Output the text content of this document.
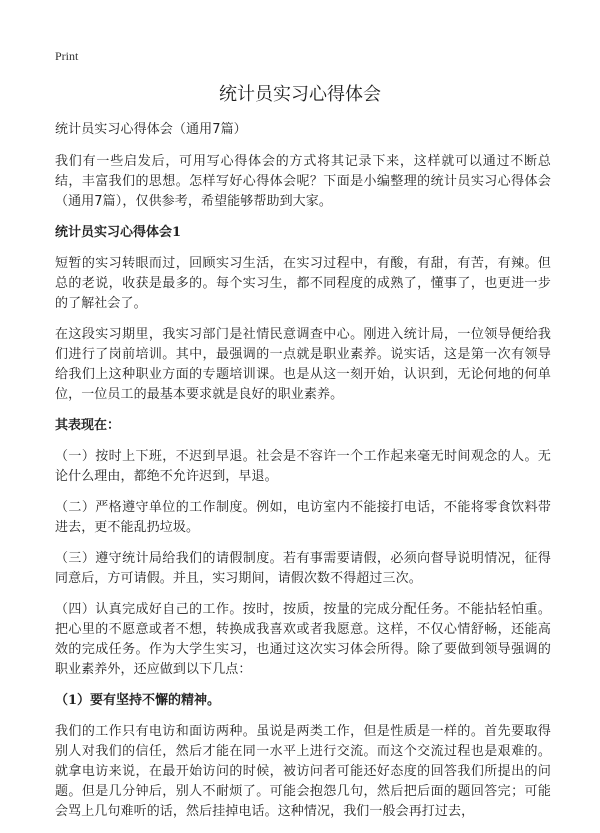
Print
统计员实习心得体会

统计员实习心得体会（通用7篇）

我们有一些启发后，可用写心得体会的方式将其记录下来，这样就可以通过不断总结，丰富我们的思想。怎样写好心得体会呢？下面是小编整理的统计员实习心得体会（通用7篇），仅供参考，希望能够帮助到大家。

统计员实习心得体会1

短暂的实习转眼而过，回顾实习生活，在实习过程中，有酸，有甜，有苦，有辣。但总的老说，收获是最多的。每个实习生，都不同程度的成熟了，懂事了，也更进一步的了解社会了。

在这段实习期里，我实习部门是社情民意调查中心。刚进入统计局，一位领导便给我们进行了岗前培训。其中，最强调的一点就是职业素养。说实话，这是第一次有领导给我们上这种职业方面的专题培训课。也是从这一刻开始，认识到，无论何地的何单位，一位员工的最基本要求就是良好的职业素养。

其表现在：

（一）按时上下班，不迟到早退。社会是不容许一个工作起来毫无时间观念的人。无论什么理由，都绝不允许迟到，早退。

（二）严格遵守单位的工作制度。例如，电访室内不能接打电话，不能将零食饮料带进去，更不能乱扔垃圾。

（三）遵守统计局给我们的请假制度。若有事需要请假，必须向督导说明情况，征得同意后，方可请假。并且，实习期间，请假次数不得超过三次。

（四）认真完成好自己的工作。按时，按质，按量的完成分配任务。不能拈轻怕重。把心里的不愿意或者不想，转换成我喜欢或者我愿意。这样，不仅心情舒畅，还能高效的完成任务。作为大学生实习，也通过这次实习体会所得。除了要做到领导强调的职业素养外，还应做到以下几点：

（1）要有坚持不懈的精神。

我们的工作只有电访和面访两种。虽说是两类工作，但是性质是一样的。首先要取得别人对我们的信任，然后才能在同一水平上进行交流。而这个交流过程也是艰难的。就拿电访来说，在最开始访问的时候，被访问者可能还好态度的回答我们所提出的问题。但是几分钟后，别人不耐烦了。可能会抱怨几句，然后把后面的题回答完；可能会骂上几句难听的话，然后挂掉电话。这种情况，我们一般会再打过去，
